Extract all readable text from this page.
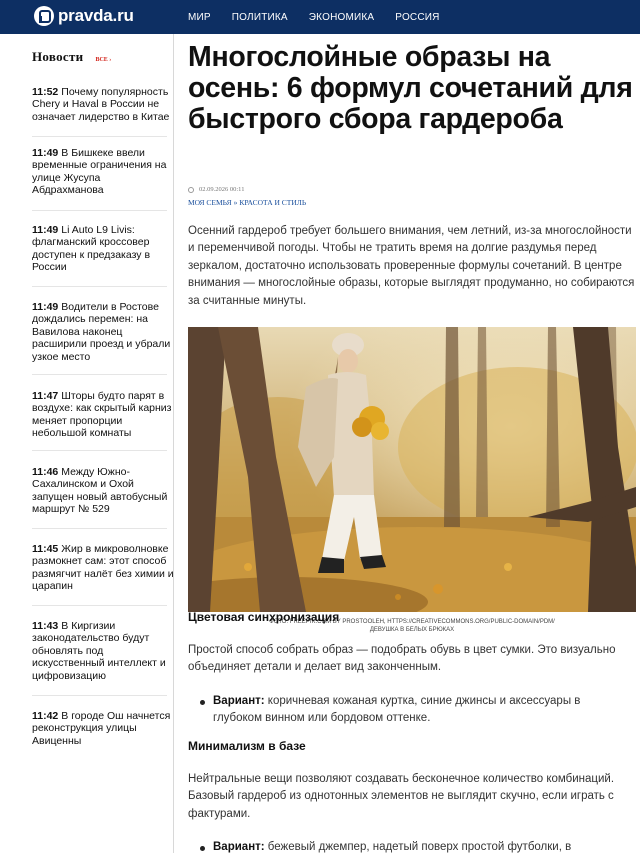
pravda.ru	МИР ПОЛИТИКА ЭКОНОМИКА РОССИЯ
Новости ВСЕ ›
11:52 Почему популярность Chery и Haval в России не означает лидерство в Китае
11:49 В Бишкеке ввели временные ограничения на улице Жусупа Абдрахманова
11:49 Li Auto L9 Livis: флагманский кроссовер доступен к предзаказу в России
11:49 Водители в Ростове дождались перемен: на Вавилова наконец расширили проезд и убрали узкое место
11:47 Шторы будто парят в воздухе: как скрытый карниз меняет пропорции небольшой комнаты
11:46 Между Южно-Сахалинском и Охой запущен новый автобусный маршрут № 529
11:45 Жир в микроволновке размокнет сам: этот способ размягчит налёт без химии и царапин
11:43 В Киргизии законодательство будут обновлять под искусственный интеллект и цифровизацию
11:42 В городе Ош начнется реконструкция улицы Авиценны
Многослойные образы на осень: 6 формул сочетаний для быстрого сбора гардероба
02.09.2026 00:11
МОЯ СЕМЬЯ » КРАСОТА И СТИЛЬ

Осенний гардероб требует большего внимания, чем летний, из-за многослойности и переменчивой погоды. Чтобы не тратить время на долгие раздумья перед зеркалом, достаточно использовать проверенные формулы сочетаний. В центре внимания — многослойные образы, которые выглядят продуманно, но собираются за считанные минуты.

ФОТО: FREEPIK.COM BY PROSTOOLEH, HTTPS://CREATIVECOMMONS.ORG/PUBLIC-DOMAIN/PDM/
ДЕВУШКА В БЕЛЫХ БРЮКАХ
Цветовая синхронизация

Простой способ собрать образ — подобрать обувь в цвет сумки. Это визуально объединяет детали и делает вид законченным.

Вариант: коричневая кожаная куртка, синие джинсы и аксессуары в глубоком винном или бордовом оттенке.
Минимализм в базе

Нейтральные вещи позволяют создавать бесконечное количество комбинаций. Базовый гардероб из однотонных элементов не выглядит скучно, если играть с фактурами.

Вариант: бежевый джемпер, надетый поверх простой футболки, в
